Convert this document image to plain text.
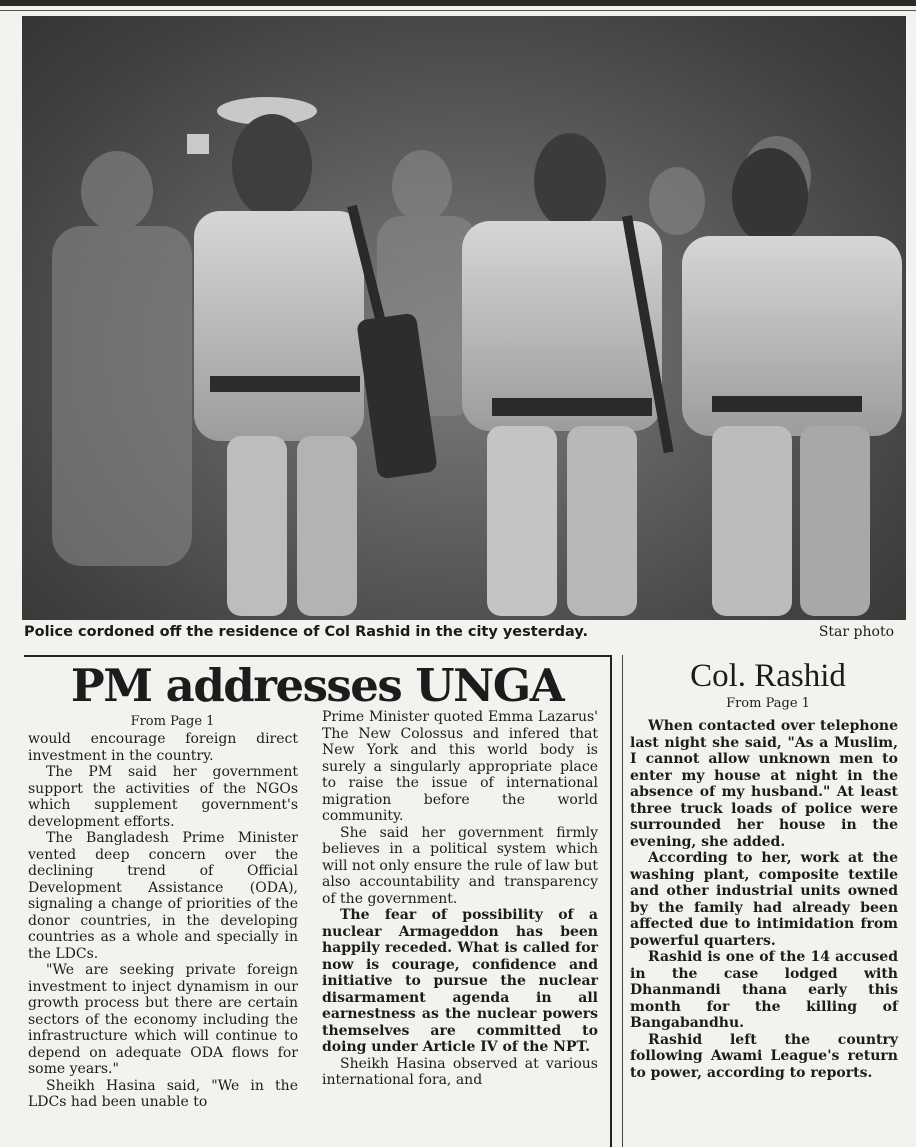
Police cordoned off the residence of Col Rashid in the city yesterday.	Star photo
PM addresses UNGA
From Page 1

would encourage foreign direct investment in the country.

The PM said her government support the activities of the NGOs which supplement government's development efforts.

The Bangladesh Prime Minister vented deep concern over the declining trend of Official Development Assistance (ODA), signaling a change of priorities of the donor countries, in the developing countries as a whole and specially in the LDCs.

"We are seeking private foreign investment to inject dynamism in our growth process but there are certain sectors of the economy including the infrastructure which will continue to depend on adequate ODA flows for some years."

Sheikh Hasina said, "We in the LDCs had been unable to

Prime Minister quoted Emma Lazarus' The New Colossus and infered that New York and this world body is surely a singularly appropriate place to raise the issue of international migration before the world community.

She said her government firmly believes in a political system which will not only ensure the rule of law but also accountability and transparency of the government.

The fear of possibility of a nuclear Armageddon has been happily receded. What is called for now is courage, confidence and initiative to pursue the nuclear disarmament agenda in all earnestness as the nuclear powers themselves are committed to doing under Article IV of the NPT.

Sheikh Hasina observed at various international fora, and

Col. Rashid
From Page 1

When contacted over telephone last night she said, "As a Muslim, I cannot allow unknown men to enter my house at night in the absence of my husband." At least three truck loads of police were surrounded her house in the evening, she added.

According to her, work at the washing plant, composite textile and other industrial units owned by the family had already been affected due to intimidation from powerful quarters.

Rashid is one of the 14 accused in the case lodged with Dhanmandi thana early this month for the killing of Bangabandhu.

Rashid left the country following Awami League's return to power, according to reports.
